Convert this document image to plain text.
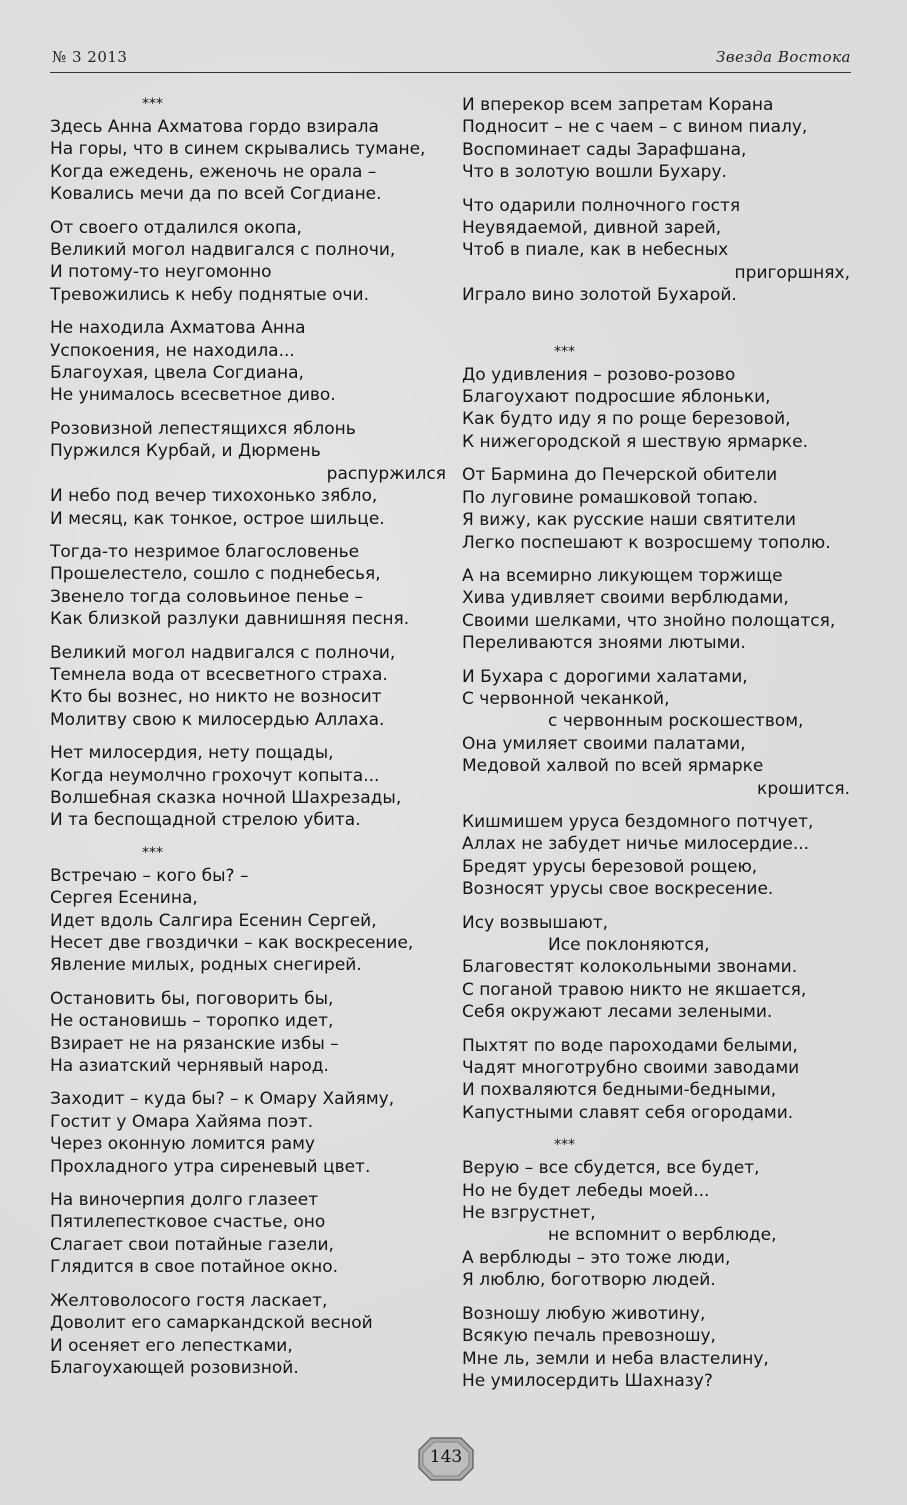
№ 3 2013	Звезда Востока
***
Здесь Анна Ахматова гордо взирала
На горы, что в синем скрывались тумане,
Когда ежедень, еженочь не орала –
Ковались мечи да по всей Согдиане.
От своего отдалился окопа,
Великий могол надвигался с полночи,
И потому-то неугомонно
Тревожились к небу поднятые очи.
Не находила Ахматова Анна
Успокоения, не находила...
Благоухая, цвела Согдиана,
Не унималось всесветное диво.
Розовизной лепестящихся яблонь
Пуржился Курбай, и Дюрмень
распуржился
И небо под вечер тихохонько зябло,
И месяц, как тонкое, острое шильце.
Тогда-то незримое благословенье
Прошелестело, сошло с поднебесья,
Звенело тогда соловьиное пенье –
Как близкой разлуки давнишняя песня.
Великий могол надвигался с полночи,
Темнела вода от всесветного страха.
Кто бы вознес, но никто не возносит
Молитву свою к милосердью Аллаха.
Нет милосердия, нету пощады,
Когда неумолчно грохочут копыта...
Волшебная сказка ночной Шахрезады,
И та беспощадной стрелою убита.
***
Встречаю – кого бы? –
Сергея Есенина,
Идет вдоль Салгира Есенин Сергей,
Несет две гвоздички – как воскресение,
Явление милых, родных снегирей.
Остановить бы, поговорить бы,
Не остановишь – торопко идет,
Взирает не на рязанские избы –
На азиатский чернявый народ.
Заходит – куда бы? – к Омару Хайяму,
Гостит у Омара Хайяма поэт.
Через оконную ломится раму
Прохладного утра сиреневый цвет.
На виночерпия долго глазеет
Пятилепестковое счастье, оно
Слагает свои потайные газели,
Глядится в свое потайное окно.
Желтоволосого гостя ласкает,
Доволит его самаркандской весной
И осеняет его лепестками,
Благоухающей розовизной.
И вперекор всем запретам Корана
Подносит – не с чаем – с вином пиалу,
Воспоминает сады Зарафшана,
Что в золотую вошли Бухару.
Что одарили полночного гостя
Неувядаемой, дивной зарей,
Чтоб в пиале, как в небесных
пригоршнях,
Играло вино золотой Бухарой.
***
До удивления – розово-розово
Благоухают подросшие яблоньки,
Как будто иду я по роще березовой,
К нижегородской я шествую ярмарке.
От Бармина до Печерской обители
По луговине ромашковой топаю.
Я вижу, как русские наши святители
Легко поспешают к возросшему тополю.
А на всемирно ликующем торжище
Хива удивляет своими верблюдами,
Своими шелками, что знойно полощатся,
Переливаются зноями лютыми.
И Бухара с дорогими халатами,
С червонной чеканкой,
с червонным роскошеством,
Она умиляет своими палатами,
Медовой халвой по всей ярмарке
крошится.
Кишмишем уруса бездомного потчует,
Аллах не забудет ничье милосердие...
Бредят урусы березовой рощею,
Возносят урусы свое воскресение.
Ису возвышают,
Исе поклоняются,
Благовестят колокольными звонами.
С поганой травою никто не якшается,
Себя окружают лесами зелеными.
Пыхтят по воде пароходами белыми,
Чадят многотрубно своими заводами
И похваляются бедными-бедными,
Капустными славят себя огородами.
***
Верую – все сбудется, все будет,
Но не будет лебеды моей...
Не взгрустнет,
не вспомнит о верблюде,
А верблюды – это тоже люди,
Я люблю, боготворю людей.
Возношу любую животину,
Всякую печаль превозношу,
Мне ль, земли и неба властелину,
Не умилосердить Шахназу?
143
